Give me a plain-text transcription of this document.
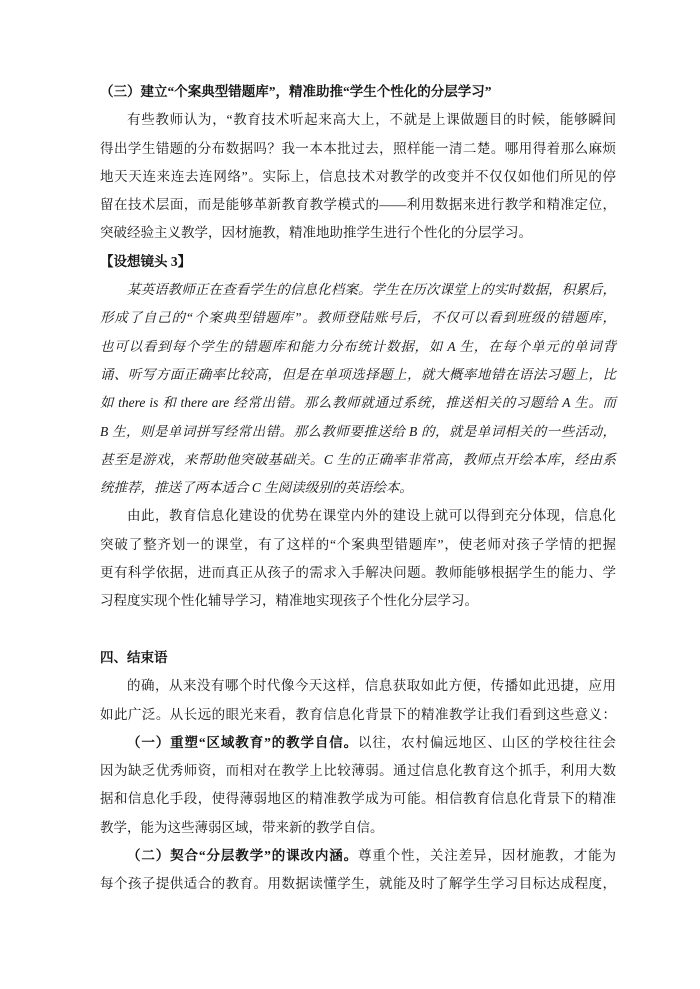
（三）建立“个案典型错题库”，精准助推“学生个性化的分层学习”
有些教师认为，“教育技术听起来高大上，不就是上课做题目的时候，能够瞬间
得出学生错题的分布数据吗？我一本本批过去，照样能一清二楚。哪用得着那么麻烦
地天天连来连去连网络”。实际上，信息技术对教学的改变并不仅仅如他们所见的停
留在技术层面，而是能够革新教育教学模式的——利用数据来进行教学和精准定位，
突破经验主义教学，因材施教，精准地助推学生进行个性化的分层学习。
【设想镜头 3】
某英语教师正在查看学生的信息化档案。学生在历次课堂上的实时数据，积累后，
形成了自己的“个案典型错题库”。教师登陆账号后，不仅可以看到班级的错题库，
也可以看到每个学生的错题库和能力分布统计数据，如 A 生，在每个单元的单词背
诵、听写方面正确率比较高，但是在单项选择题上，就大概率地错在语法习题上，比
如 there is 和 there are 经常出错。那么教师就通过系统，推送相关的习题给 A 生。而
B 生，则是单词拼写经常出错。那么教师要推送给 B 的，就是单词相关的一些活动，
甚至是游戏，来帮助他突破基础关。C 生的正确率非常高，教师点开绘本库，经由系
统推荐，推送了两本适合 C 生阅读级别的英语绘本。
由此，教育信息化建设的优势在课堂内外的建设上就可以得到充分体现，信息化
突破了整齐划一的课堂，有了这样的“个案典型错题库”，使老师对孩子学情的把握
更有科学依据，进而真正从孩子的需求入手解决问题。教师能够根据学生的能力、学
习程度实现个性化辅导学习，精准地实现孩子个性化分层学习。
四、结束语
的确，从来没有哪个时代像今天这样，信息获取如此方便，传播如此迅捷，应用
如此广泛。从长远的眼光来看，教育信息化背景下的精准教学让我们看到这些意义：
（一）重塑“区域教育”的教学自信。以往，农村偏远地区、山区的学校往往会
因为缺乏优秀师资，而相对在教学上比较薄弱。通过信息化教育这个抓手，利用大数
据和信息化手段，使得薄弱地区的精准教学成为可能。相信教育信息化背景下的精准
教学，能为这些薄弱区域，带来新的教学自信。
（二）契合“分层教学”的课改内涵。尊重个性，关注差异，因材施教，才能为
每个孩子提供适合的教育。用数据读懂学生，就能及时了解学生学习目标达成程度，
